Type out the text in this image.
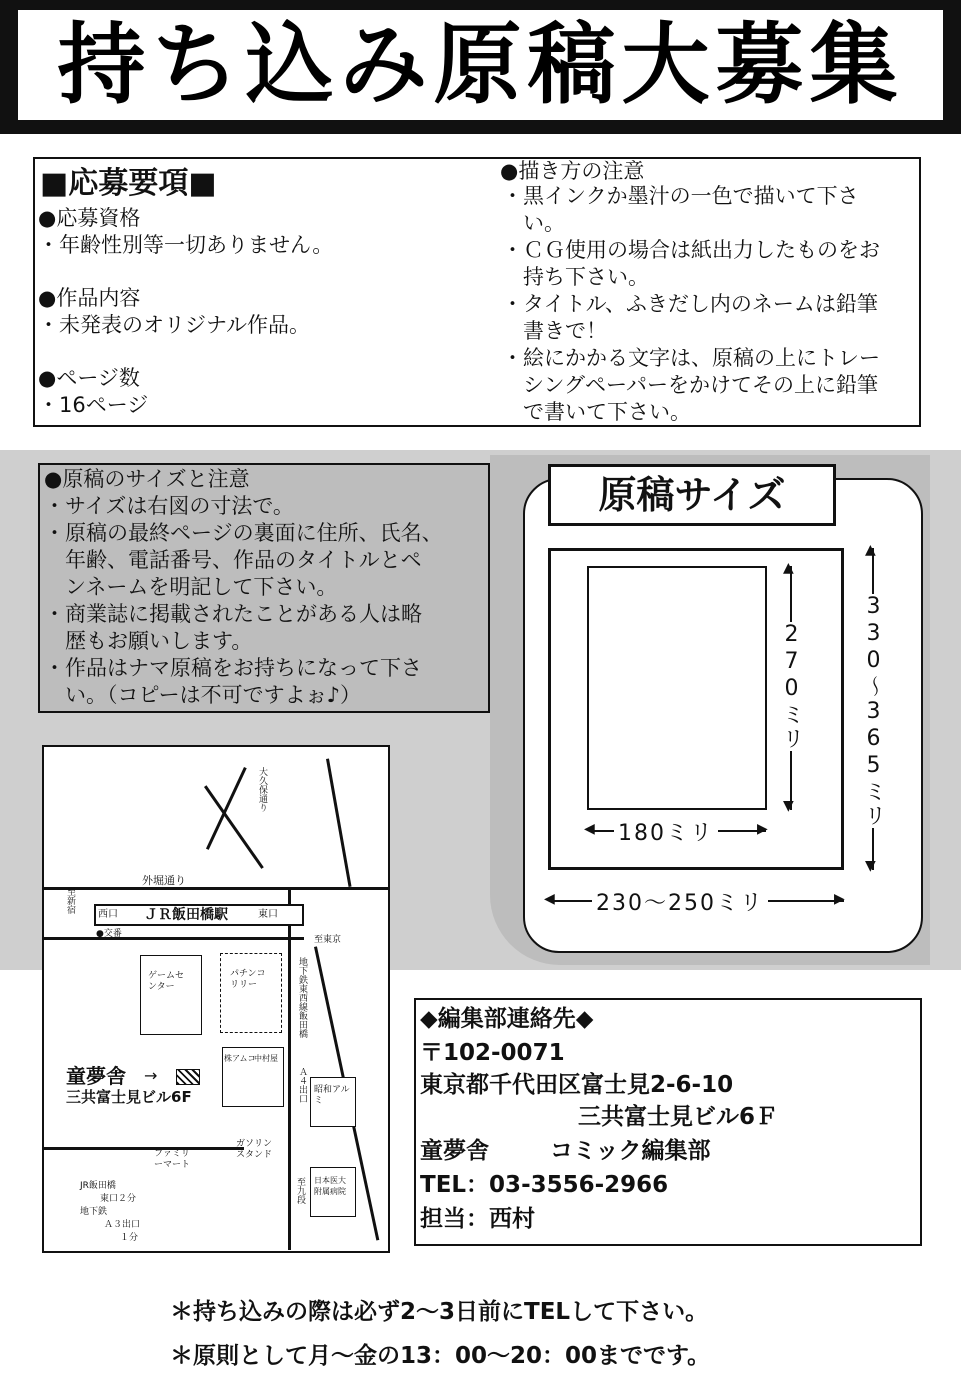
持ち込み原稿大募集
■応募要項■
●応募資格
・年齢性別等一切ありません。
●作品内容
・未発表のオリジナル作品。
●ページ数
・16ページ
●描き方の注意
・黒インクか墨汁の一色で描いて下さ
　い。
・ＣＧ使用の場合は紙出力したものをお
　持ち下さい。
・タイトル、ふきだし内のネームは鉛筆
　書きで！
・絵にかかる文字は、原稿の上にトレー
　シングペーパーをかけてその上に鉛筆
　で書いて下さい。
●原稿のサイズと注意
・サイズは右図の寸法で。
・原稿の最終ページの裏面に住所、氏名、
　年齢、電話番号、作品のタイトルとペ
　ンネームを明記して下さい。
・商業誌に掲載されたことがある人は略
　歴もお願いします。
・作品はナマ原稿をお持ちになって下さ
　い。（コピーは不可ですよぉ♪）
原稿サイズ
▲
▼
270ミリ
▲
▼
330〜365ミリ
◀	▶
180ミリ
◀	▶
230〜250ミリ
西口 ＪＲ飯田橋駅	東口
●交番
外堀通り
大久保通り
至新宿
至東京
ゲームセンター
パチンコリリー	地下鉄東西線飯田橋
Ａ４出口
株アムコ
中村屋
童夢舎 →
三共富士見ビル6F	昭和アルミ
ガソリンスタンド
ファミリーマート
日本医大附属病院
至九段
JR飯田橋
東口２分
地下鉄
Ａ３出口
１分
◆編集部連絡先◆
〒102-0071
東京都千代田区富士見2-6-10
三共富士見ビル6Ｆ
童夢舎	コミック編集部
TEL：03-3556-2966
担当：西村
＊持ち込みの際は必ず2〜3日前にTELして下さい。
＊原則として月〜金の13：00〜20：00までです。
